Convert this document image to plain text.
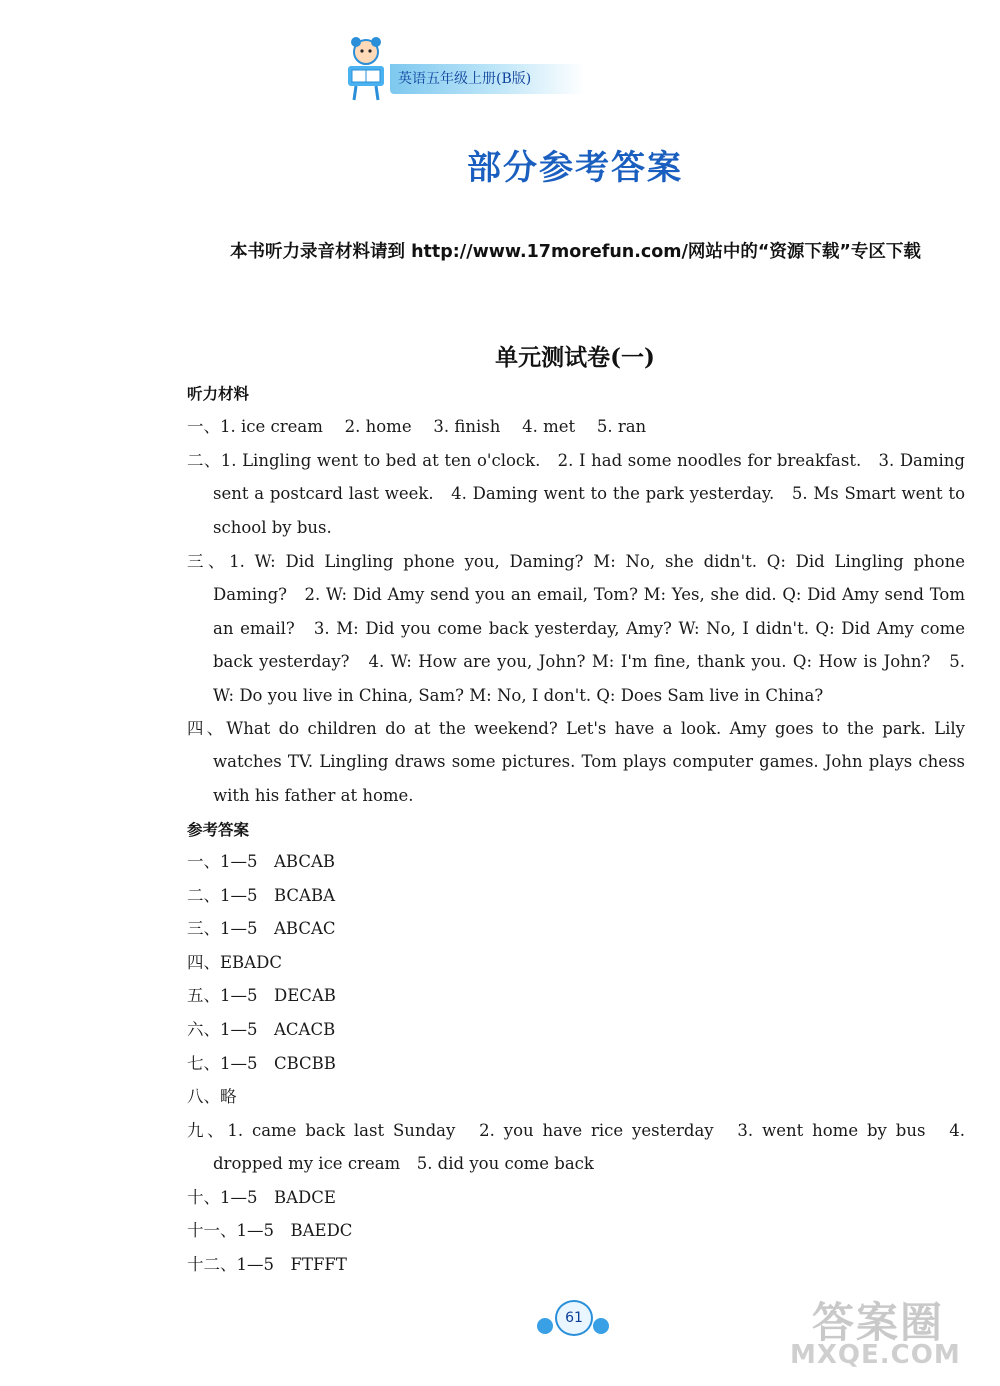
英语五年级上册(B版)
部分参考答案
本书听力录音材料请到 http://www.17morefun.com/网站中的“资源下载”专区下载
单元测试卷(一)
听力材料
一、1. ice cream　 2. home　 3. finish　 4. met　 5. ran
二、1. Lingling went to bed at ten o'clock.　2. I had some noodles for breakfast.　3. Daming sent a postcard last week.　4. Daming went to the park yesterday.　5. Ms Smart went to school by bus.
三、1. W: Did Lingling phone you, Daming? M: No, she didn't. Q: Did Lingling phone Daming?　2. W: Did Amy send you an email, Tom? M: Yes, she did. Q: Did Amy send Tom an email?　3. M: Did you come back yesterday, Amy? W: No, I didn't. Q: Did Amy come back yesterday?　4. W: How are you, John? M: I'm fine, thank you. Q: How is John?　5. W: Do you live in China, Sam? M: No, I don't. Q: Does Sam live in China?
四、What do children do at the weekend? Let's have a look. Amy goes to the park. Lily watches TV. Lingling draws some pictures. Tom plays computer games. John plays chess with his father at home.
参考答案
一、1—5　ABCAB
二、1—5　BCABA
三、1—5　ABCAC
四、EBADC
五、1—5　DECAB
六、1—5　ACACB
七、1—5　CBCBB
八、略
九、1. came back last Sunday　2. you have rice yesterday　3. went home by bus　4. dropped my ice cream　5. did you come back
十、1—5　BADCE
十一、1—5　BAEDC
十二、1—5　FTFFT
61	答案圈
MXQE.COM
